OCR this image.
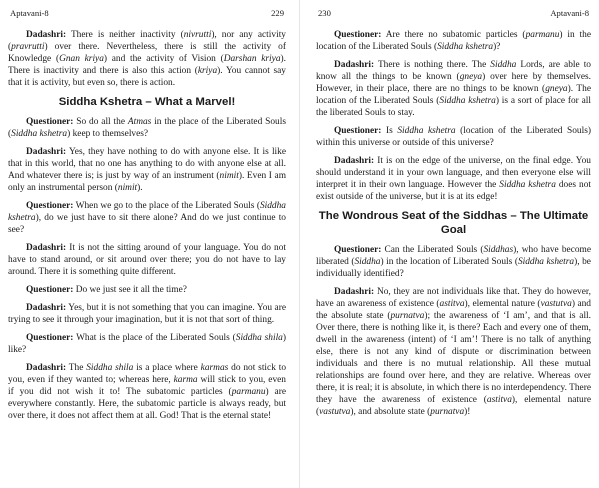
Aptavani-8	229

Dadashri: There is neither inactivity (nivrutti), nor any activity (pravrutti) over there. Nevertheless, there is still the activity of Knowledge (Gnan kriya) and the activity of Vision (Darshan kriya). There is inactivity and there is also this action (kriya). You cannot say that it is activity, but even so, there is action.

Siddha Kshetra – What a Marvel!

Questioner: So do all the Atmas in the place of the Liberated Souls (Siddha kshetra) keep to themselves?

Dadashri: Yes, they have nothing to do with anyone else. It is like that in this world, that no one has anything to do with anyone else at all. And whatever there is; is just by way of an instrument (nimit). Even I am only an instrumental person (nimit).

Questioner: When we go to the place of the Liberated Souls (Siddha kshetra), do we just have to sit there alone? And do we just continue to see?

Dadashri: It is not the sitting around of your language. You do not have to stand around, or sit around over there; you do not have to lay around. There it is something quite different.

Questioner: Do we just see it all the time?

Dadashri: Yes, but it is not something that you can imagine. You are trying to see it through your imagination, but it is not that sort of thing.

Questioner: What is the place of the Liberated Souls (Siddha shila) like?

Dadashri: The Siddha shila is a place where karmas do not stick to you, even if they wanted to; whereas here, karma will stick to you, even if you did not wish it to! The subatomic particles (parmanu) are everywhere constantly. Here, the subatomic particle is always ready, but over there, it does not affect them at all. God! That is the eternal state!

230	Aptavani-8

Questioner: Are there no subatomic particles (parmanu) in the location of the Liberated Souls (Siddha kshetra)?

Dadashri: There is nothing there. The Siddha Lords, are able to know all the things to be known (gneya) over here by themselves. However, in their place, there are no things to be known (gneya). The location of the Liberated Souls (Siddha kshetra) is a sort of place for all the liberated Souls to stay.

Questioner: Is Siddha kshetra (location of the Liberated Souls) within this universe or outside of this universe?

Dadashri: It is on the edge of the universe, on the final edge. You should understand it in your own language, and then everyone else will interpret it in their own language. However the Siddha kshetra does not exist outside of the universe, but it is at its edge!

The Wondrous Seat of the Siddhas – The Ultimate Goal

Questioner: Can the Liberated Souls (Siddhas), who have become liberated (Siddha) in the location of Liberated Souls (Siddha kshetra), be individually identified?

Dadashri: No, they are not individuals like that. They do however, have an awareness of existence (astitva), elemental nature (vastutva) and the absolute state (purnatva); the awareness of ‘I am’, and that is all. Over there, there is nothing like it, is there? Each and every one of them, dwell in the awareness (intent) of ‘I am’! There is no talk of anything else, there is not any kind of dispute or discrimination between individuals and there is no mutual relationship. All these mutual relationships are found over here, and they are relative. Whereas over there, it is real; it is absolute, in which there is no interdependency. There they have the awareness of existence (astitva), elemental nature (vastutva), and absolute state (purnatva)!
